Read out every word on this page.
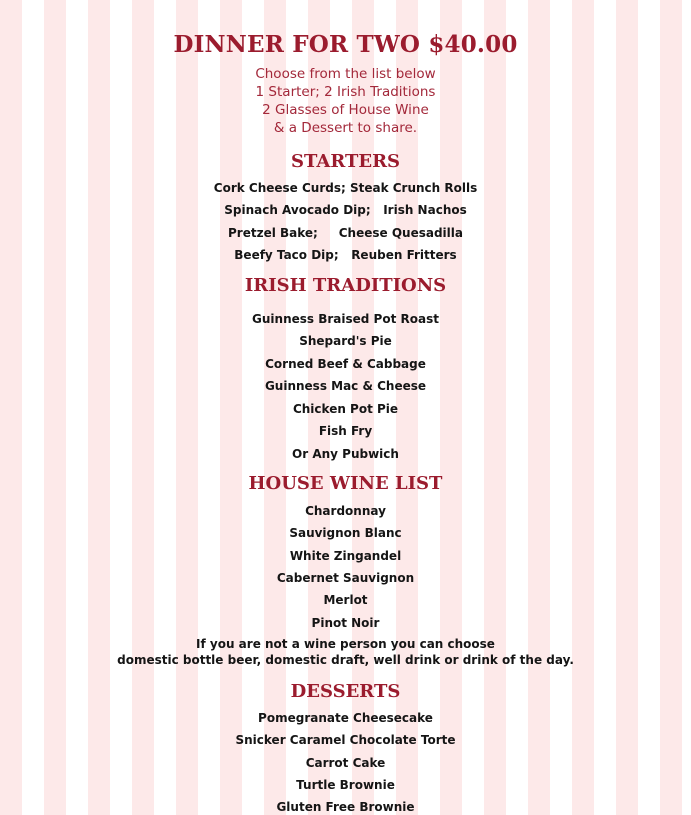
DINNER FOR TWO $40.00
Choose from the list below
1 Starter; 2 Irish Traditions
2 Glasses of House Wine
& a Dessert to share.
STARTERS
Cork Cheese Curds; Steak Crunch Rolls
Spinach Avocado Dip;   Irish Nachos
Pretzel Bake;     Cheese Quesadilla
Beefy Taco Dip;   Reuben Fritters
IRISH TRADITIONS
Guinness Braised Pot Roast
Shepard's Pie
Corned Beef & Cabbage
Guinness Mac & Cheese
Chicken Pot Pie
Fish Fry
Or Any Pubwich
HOUSE WINE LIST
Chardonnay
Sauvignon Blanc
White Zingandel
Cabernet Sauvignon
Merlot
Pinot Noir
If you are not a wine person you can choose
domestic bottle beer, domestic draft, well drink or drink of the day.
DESSERTS
Pomegranate Cheesecake
Snicker Caramel Chocolate Torte
Carrot Cake
Turtle Brownie
Gluten Free Brownie
